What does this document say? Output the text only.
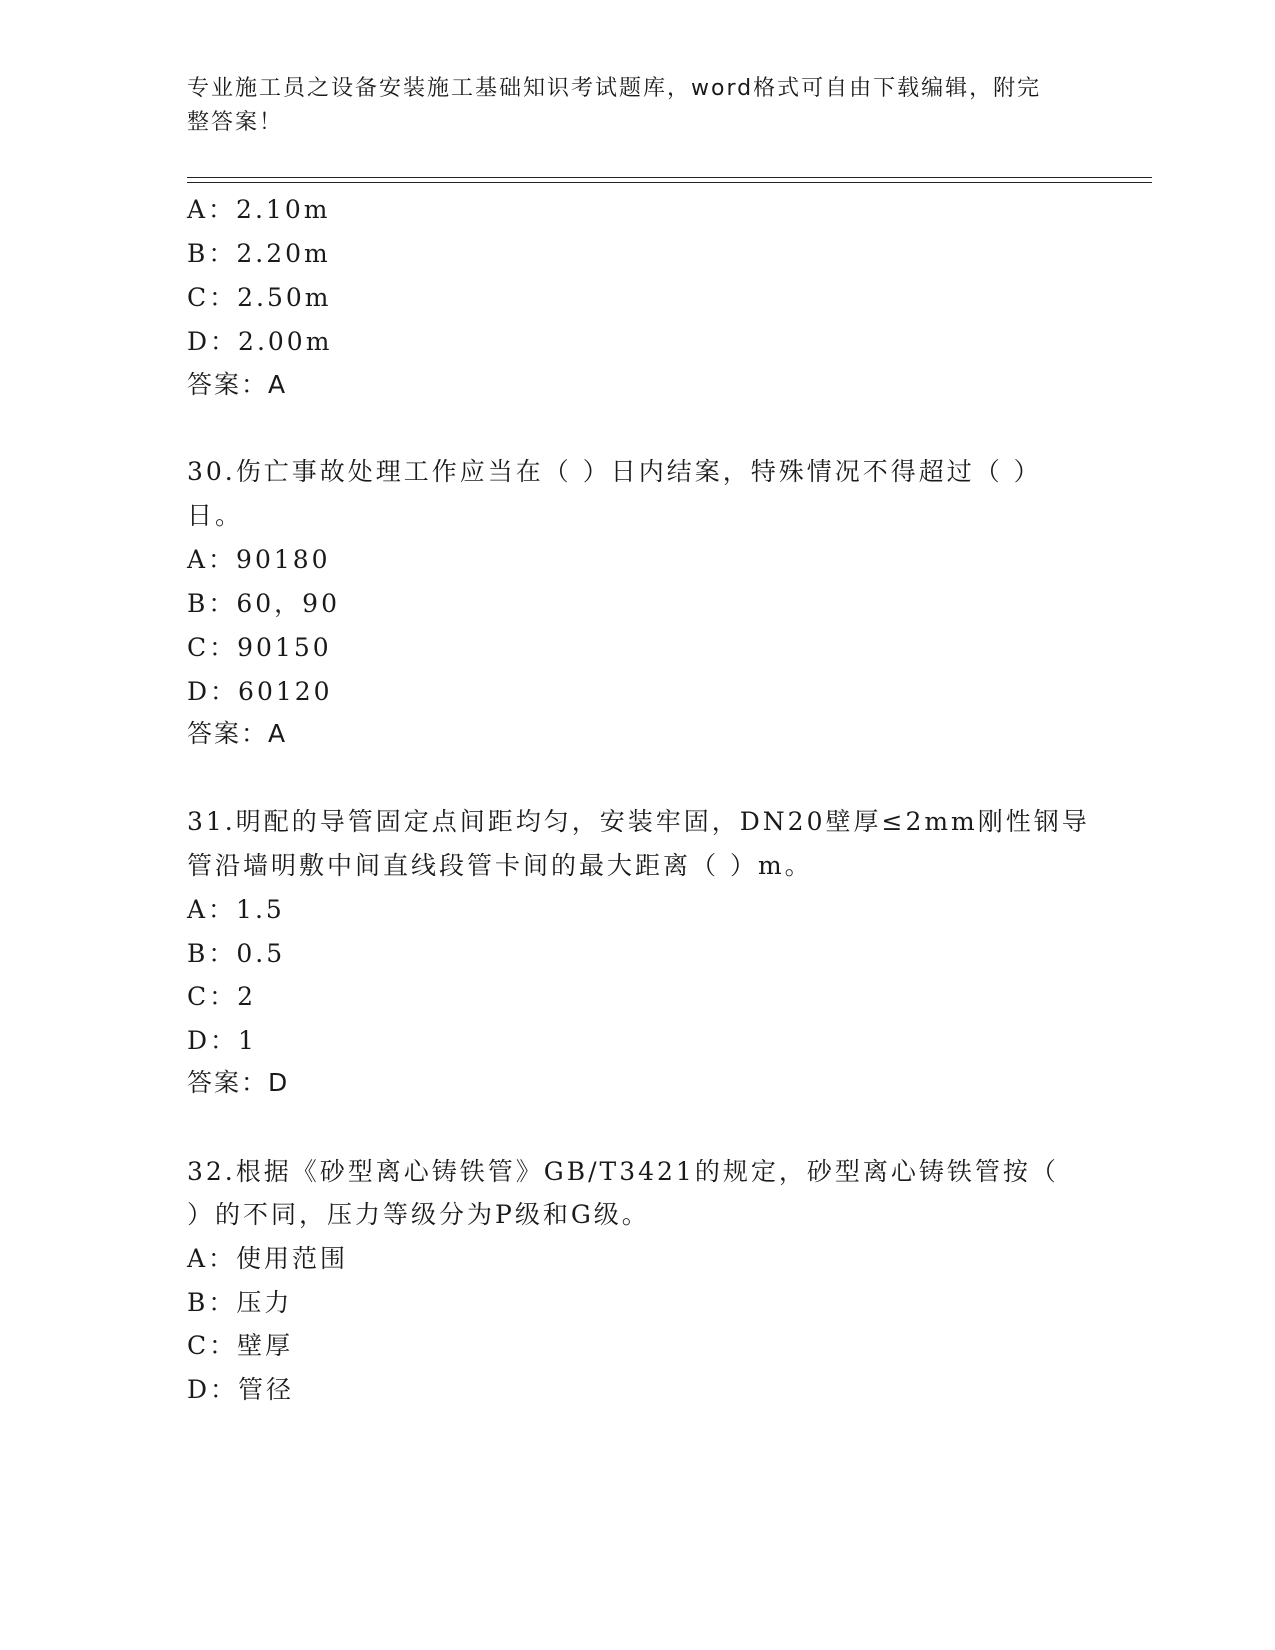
专业施工员之设备安装施工基础知识考试题库，word格式可自由下载编辑，附完
整答案！
A：2.10m
B：2.20m
C：2.50m
D：2.00m
答案：A
30.伤亡事故处理工作应当在（ ）日内结案，特殊情况不得超过（ ）
日。
A：90180
B：60，90
C：90150
D：60120
答案：A
31.明配的导管固定点间距均匀，安装牢固，DN20壁厚≤2mm刚性钢导
管沿墙明敷中间直线段管卡间的最大距离（ ）m。
A：1.5
B：0.5
C：2
D：1
答案：D
32.根据《砂型离心铸铁管》GB/T3421的规定，砂型离心铸铁管按（
）的不同，压力等级分为P级和G级。
A：使用范围
B：压力
C：壁厚
D：管径
